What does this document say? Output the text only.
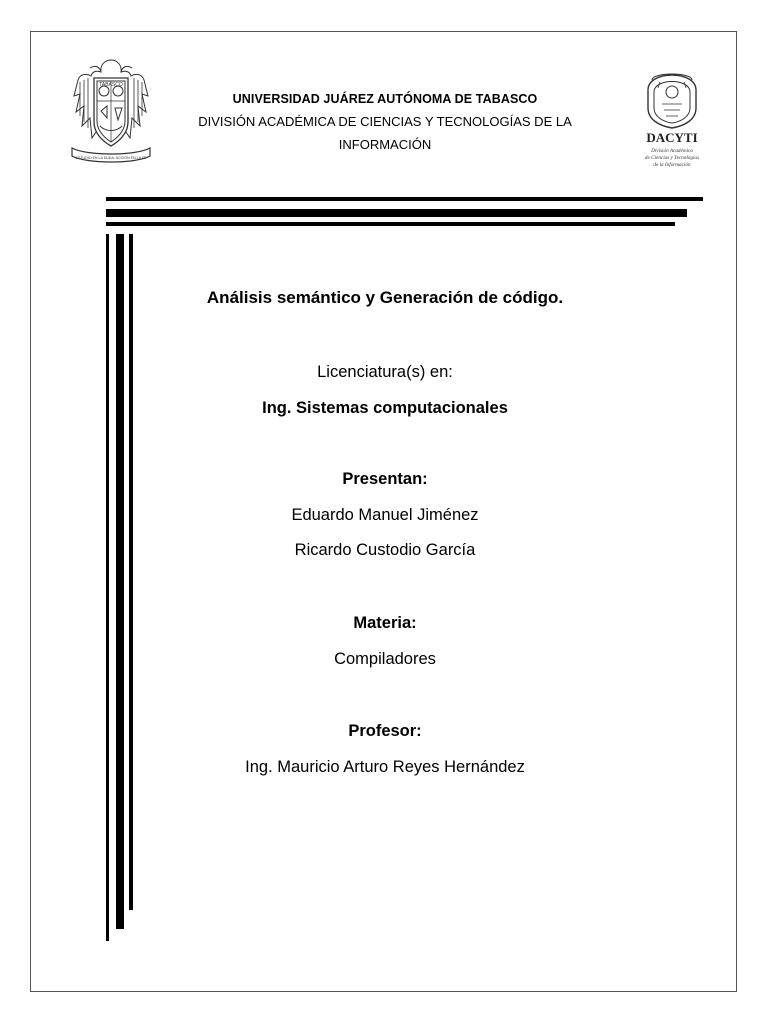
TABASCO
ESTUDIO EN LA DUDA. ACCIÓN EN LA FE

UNIVERSIDAD JUÁREZ AUTÓNOMA DE TABASCO

DIVISIÓN ACADÉMICA DE CIENCIAS Y TECNOLOGÍAS DE LA INFORMACIÓN	DACYTI
División Académica
de Ciencias y Tecnologías
de la Información

Análisis semántico y Generación de código.

Licenciatura(s) en:

Ing. Sistemas computacionales

Presentan:

Eduardo Manuel Jiménez

Ricardo Custodio García

Materia:

Compiladores

Profesor:

Ing. Mauricio Arturo Reyes Hernández
